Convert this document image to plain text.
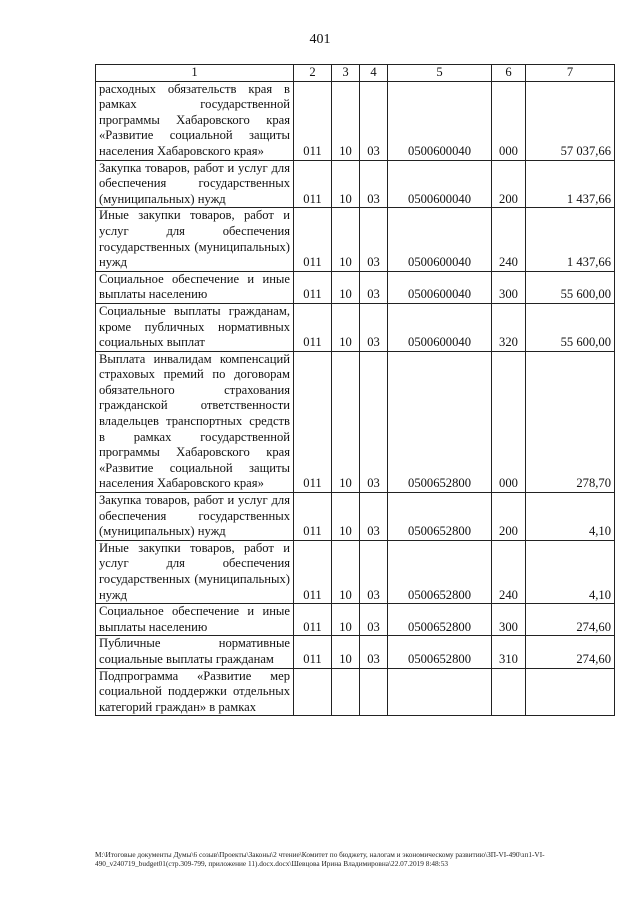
401
1	2	3	4	5	6	7
расходных обязательств края в рамках государственной программы Хабаровского края «Развитие социальной защиты населения Хабаровского края»	011	10	03	0500600040	000	57 037,66
Закупка товаров, работ и услуг для обеспечения государственных (муниципальных) нужд	011	10	03	0500600040	200	1 437,66
Иные закупки товаров, работ и услуг для обеспечения государственных (муниципальных) нужд	011	10	03	0500600040	240	1 437,66
Социальное обеспечение и иные выплаты населению	011	10	03	0500600040	300	55 600,00
Социальные выплаты гражданам, кроме публичных нормативных социальных выплат	011	10	03	0500600040	320	55 600,00
Выплата инвалидам компенсаций страховых премий по договорам обязательного страхования гражданской ответственности владельцев транспортных средств в рамках государственной программы Хабаровского края «Развитие социальной защиты населения Хабаровского края»	011	10	03	0500652800	000	278,70
Закупка товаров, работ и услуг для обеспечения государственных (муниципальных) нужд	011	10	03	0500652800	200	4,10
Иные закупки товаров, работ и услуг для обеспечения государственных (муниципальных) нужд	011	10	03	0500652800	240	4,10
Социальное обеспечение и иные выплаты населению	011	10	03	0500652800	300	274,60
Публичные нормативные социальные выплаты гражданам	011	10	03	0500652800	310	274,60
Подпрограмма «Развитие мер социальной поддержки отдельных категорий граждан» в рамках						
М:\Итоговые документы Думы\6 созыв\Проекты\Законы\2 чтение\Комитет по бюджету, налогам и экономическому развитию\ЗП-VI-490\зп1-VI-490_v240719_budget01(стр.309-799, приложение 11).docx.docx\Шевцова Ирина Владимировна\22.07.2019 8:48:53
